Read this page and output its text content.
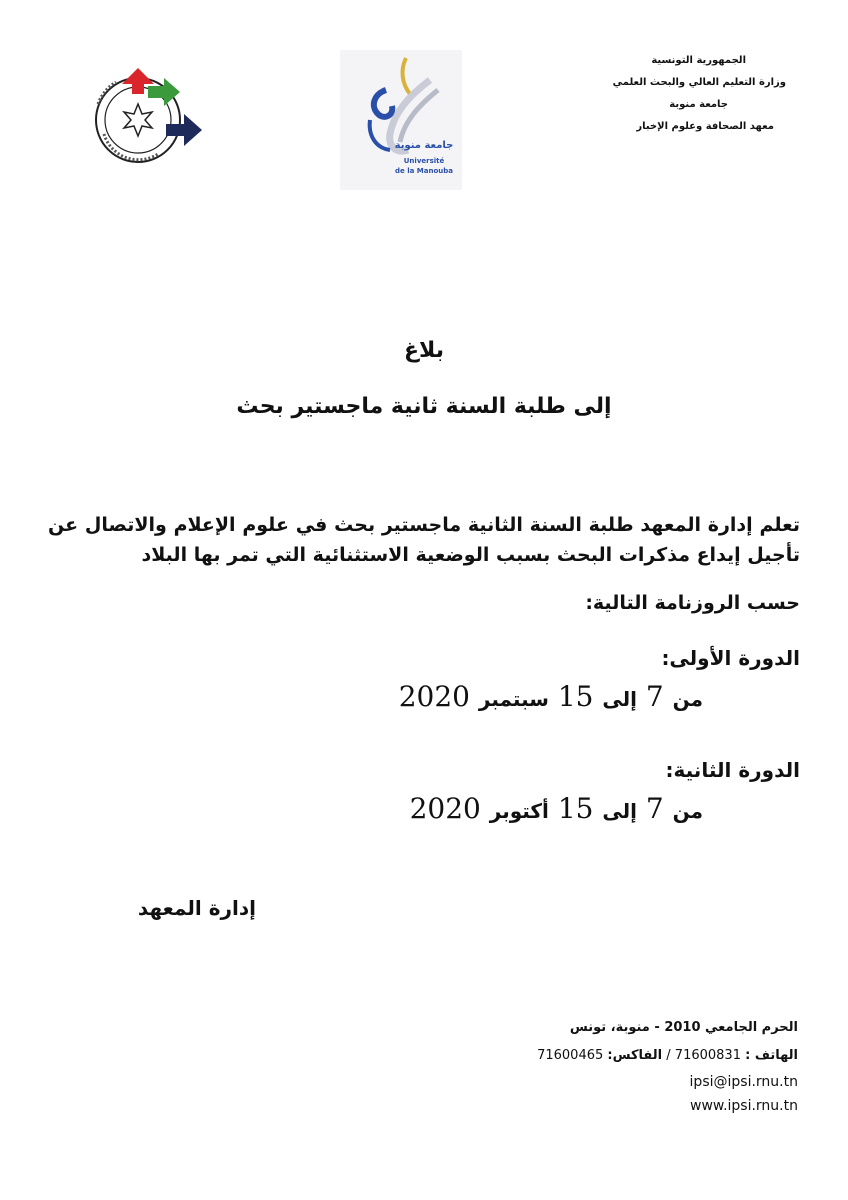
الجمهورية التونسية
وزارة التعليم العالي والبحث العلمي
جامعة منوبة
معهد الصحافة وعلوم الإخبار
جامعة منوبة
Université
de la Manouba
بلاغ
إلى طلبة السنة ثانية ماجستير بحث
تعلم إدارة المعهد طلبة السنة الثانية ماجستير بحث في علوم الإعلام والاتصال عن تأجيل إيداع مذكرات البحث بسبب الوضعية الاستثنائية التي تمر بها البلاد
حسب الروزنامة التالية:
الدورة الأولى:
من 7 إلى 15 سبتمبر 2020
الدورة الثانية:
من 7 إلى 15 أكتوبر 2020
إدارة المعهد
الحرم الجامعي 2010 - منوبة، تونس
الهاتف : 71600831 / الفاكس: 71600465
ipsi@ipsi.rnu.tn
www.ipsi.rnu.tn
